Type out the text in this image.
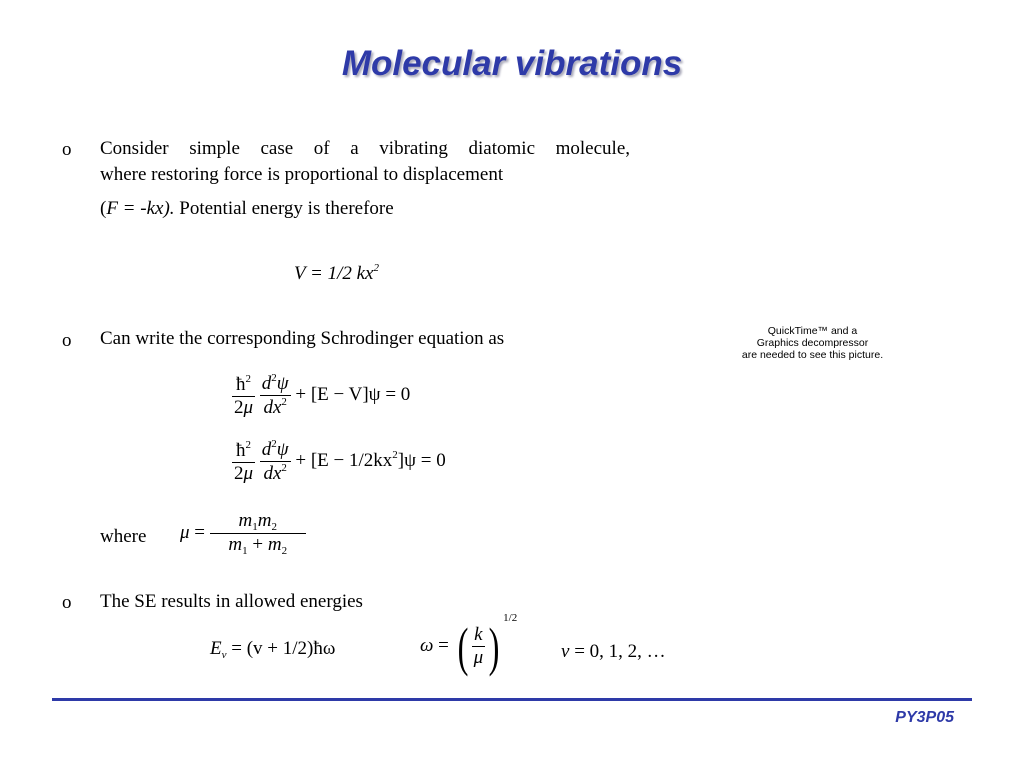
Molecular vibrations
o Consider simple case of a vibrating diatomic molecule,
where restoring force is proportional to displacement
(F = -kx). Potential energy is therefore
V = 1/2 $kx^2$
o Can write the corresponding Schrodinger equation as	QuickTime™ and a
Graphics decompressor
are needed to see this picture.
$\frac{ħ^2}{2\mu}$
$\frac{d^2\psi}{dx^2} + [E - V]\psi = 0$
$\frac{ħ^2}{2\mu}$
$\frac{d^2\psi}{dx^2} + [E - 1/2kx^2]\psi = 0$
where $\mu = \frac{m_1m_2}{m_1 + m_2}$
o The SE results in allowed energies
$E_v = (v$ + 1/2)ħω	ω = ( $\frac{k}{\mu}$ ) $^{1/2}$
v = 0, 1, 2, …
PY3P05
